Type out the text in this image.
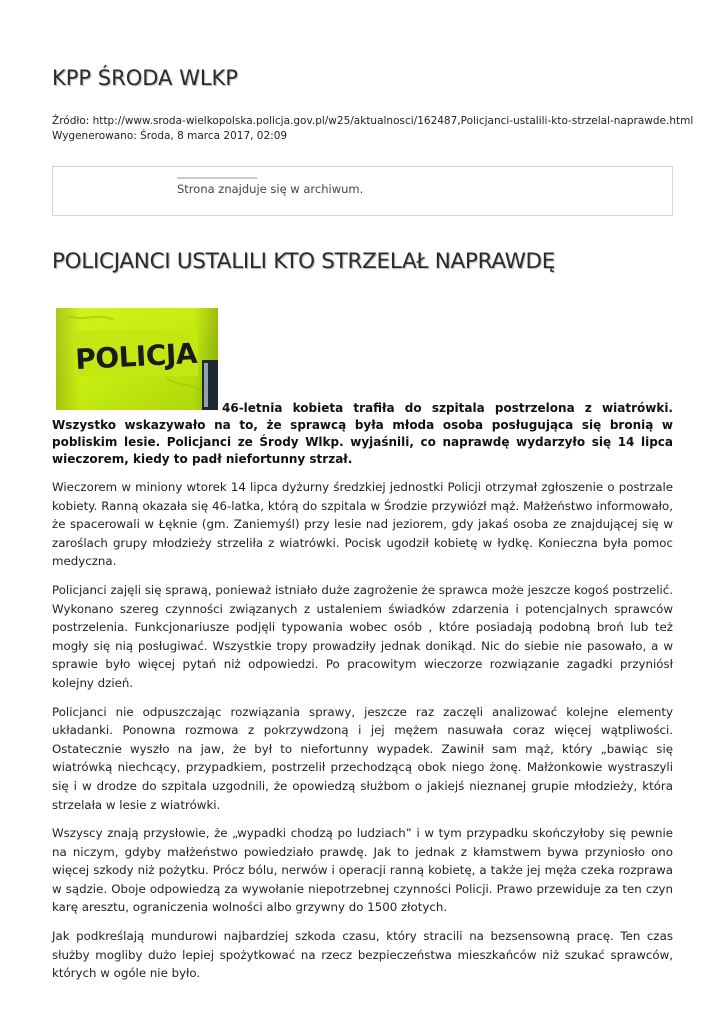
KPP ŚRODA WLKP
Źródło: http://www.sroda-wielkopolska.policja.gov.pl/w25/aktualnosci/162487,Policjanci-ustalili-kto-strzelal-naprawde.html
Wygenerowano: Środa, 8 marca 2017, 02:09
Strona znajduje się w archiwum.
POLICJANCI USTALILI KTO STRZELAŁ NAPRAWDĘ
POLICJA

46-letnia kobieta trafiła do szpitala postrzelona z wiatrówki. Wszystko wskazywało na to, że sprawcą była młoda osoba posługująca się bronią w pobliskim lesie. Policjanci ze Środy Wlkp. wyjaśnili, co naprawdę wydarzyło się 14 lipca wieczorem, kiedy to padł niefortunny strzał.

Wieczorem w miniony wtorek 14 lipca dyżurny średzkiej jednostki Policji otrzymał zgłoszenie o postrzale kobiety. Ranną okazała się 46-latka, którą do szpitala w Środzie przywiózł mąż. Małżeństwo informowało, że spacerowali w Łęknie (gm. Zaniemyśl) przy lesie nad jeziorem, gdy jakaś osoba ze znajdującej się w zaroślach grupy młodzieży strzeliła z wiatrówki. Pocisk ugodził kobietę w łydkę. Konieczna była pomoc medyczna.

Policjanci zajęli się sprawą, ponieważ istniało duże zagrożenie że sprawca może jeszcze kogoś postrzelić. Wykonano szereg czynności związanych z ustaleniem świadków zdarzenia i potencjalnych sprawców postrzelenia. Funkcjonariusze podjęli typowania wobec osób , które posiadają podobną broń lub też mogły się nią posługiwać. Wszystkie tropy prowadziły jednak donikąd. Nic do siebie nie pasowało, a w sprawie było więcej pytań niż odpowiedzi. Po pracowitym wieczorze rozwiązanie zagadki przyniósł kolejny dzień.

Policjanci nie odpuszczając rozwiązania sprawy, jeszcze raz zaczęli analizować kolejne elementy układanki. Ponowna rozmowa z pokrzywdzoną i jej mężem nasuwała coraz więcej wątpliwości. Ostatecznie wyszło na jaw, że był to niefortunny wypadek. Zawinił sam mąż, który „bawiąc się wiatrówką niechcący, przypadkiem, postrzelił przechodzącą obok niego żonę. Małżonkowie wystraszyli się i w drodze do szpitala uzgodnili, że opowiedzą służbom o jakiejś nieznanej grupie młodzieży, która strzelała w lesie z wiatrówki.

Wszyscy znają przysłowie, że „wypadki chodzą po ludziach” i w tym przypadku skończyłoby się pewnie na niczym, gdyby małżeństwo powiedziało prawdę. Jak to jednak z kłamstwem bywa przyniosło ono więcej szkody niż pożytku. Prócz bólu, nerwów i operacji ranną kobietę, a także jej męża czeka rozprawa w sądzie. Oboje odpowiedzą za wywołanie niepotrzebnej czynności Policji. Prawo przewiduje za ten czyn karę aresztu, ograniczenia wolności albo grzywny do 1500 złotych.

Jak podkreślają mundurowi najbardziej szkoda czasu, który stracili na bezsensowną pracę. Ten czas służby mogliby dużo lepiej spożytkować na rzecz bezpieczeństwa mieszkańców niż szukać sprawców, których w ogóle nie było.
